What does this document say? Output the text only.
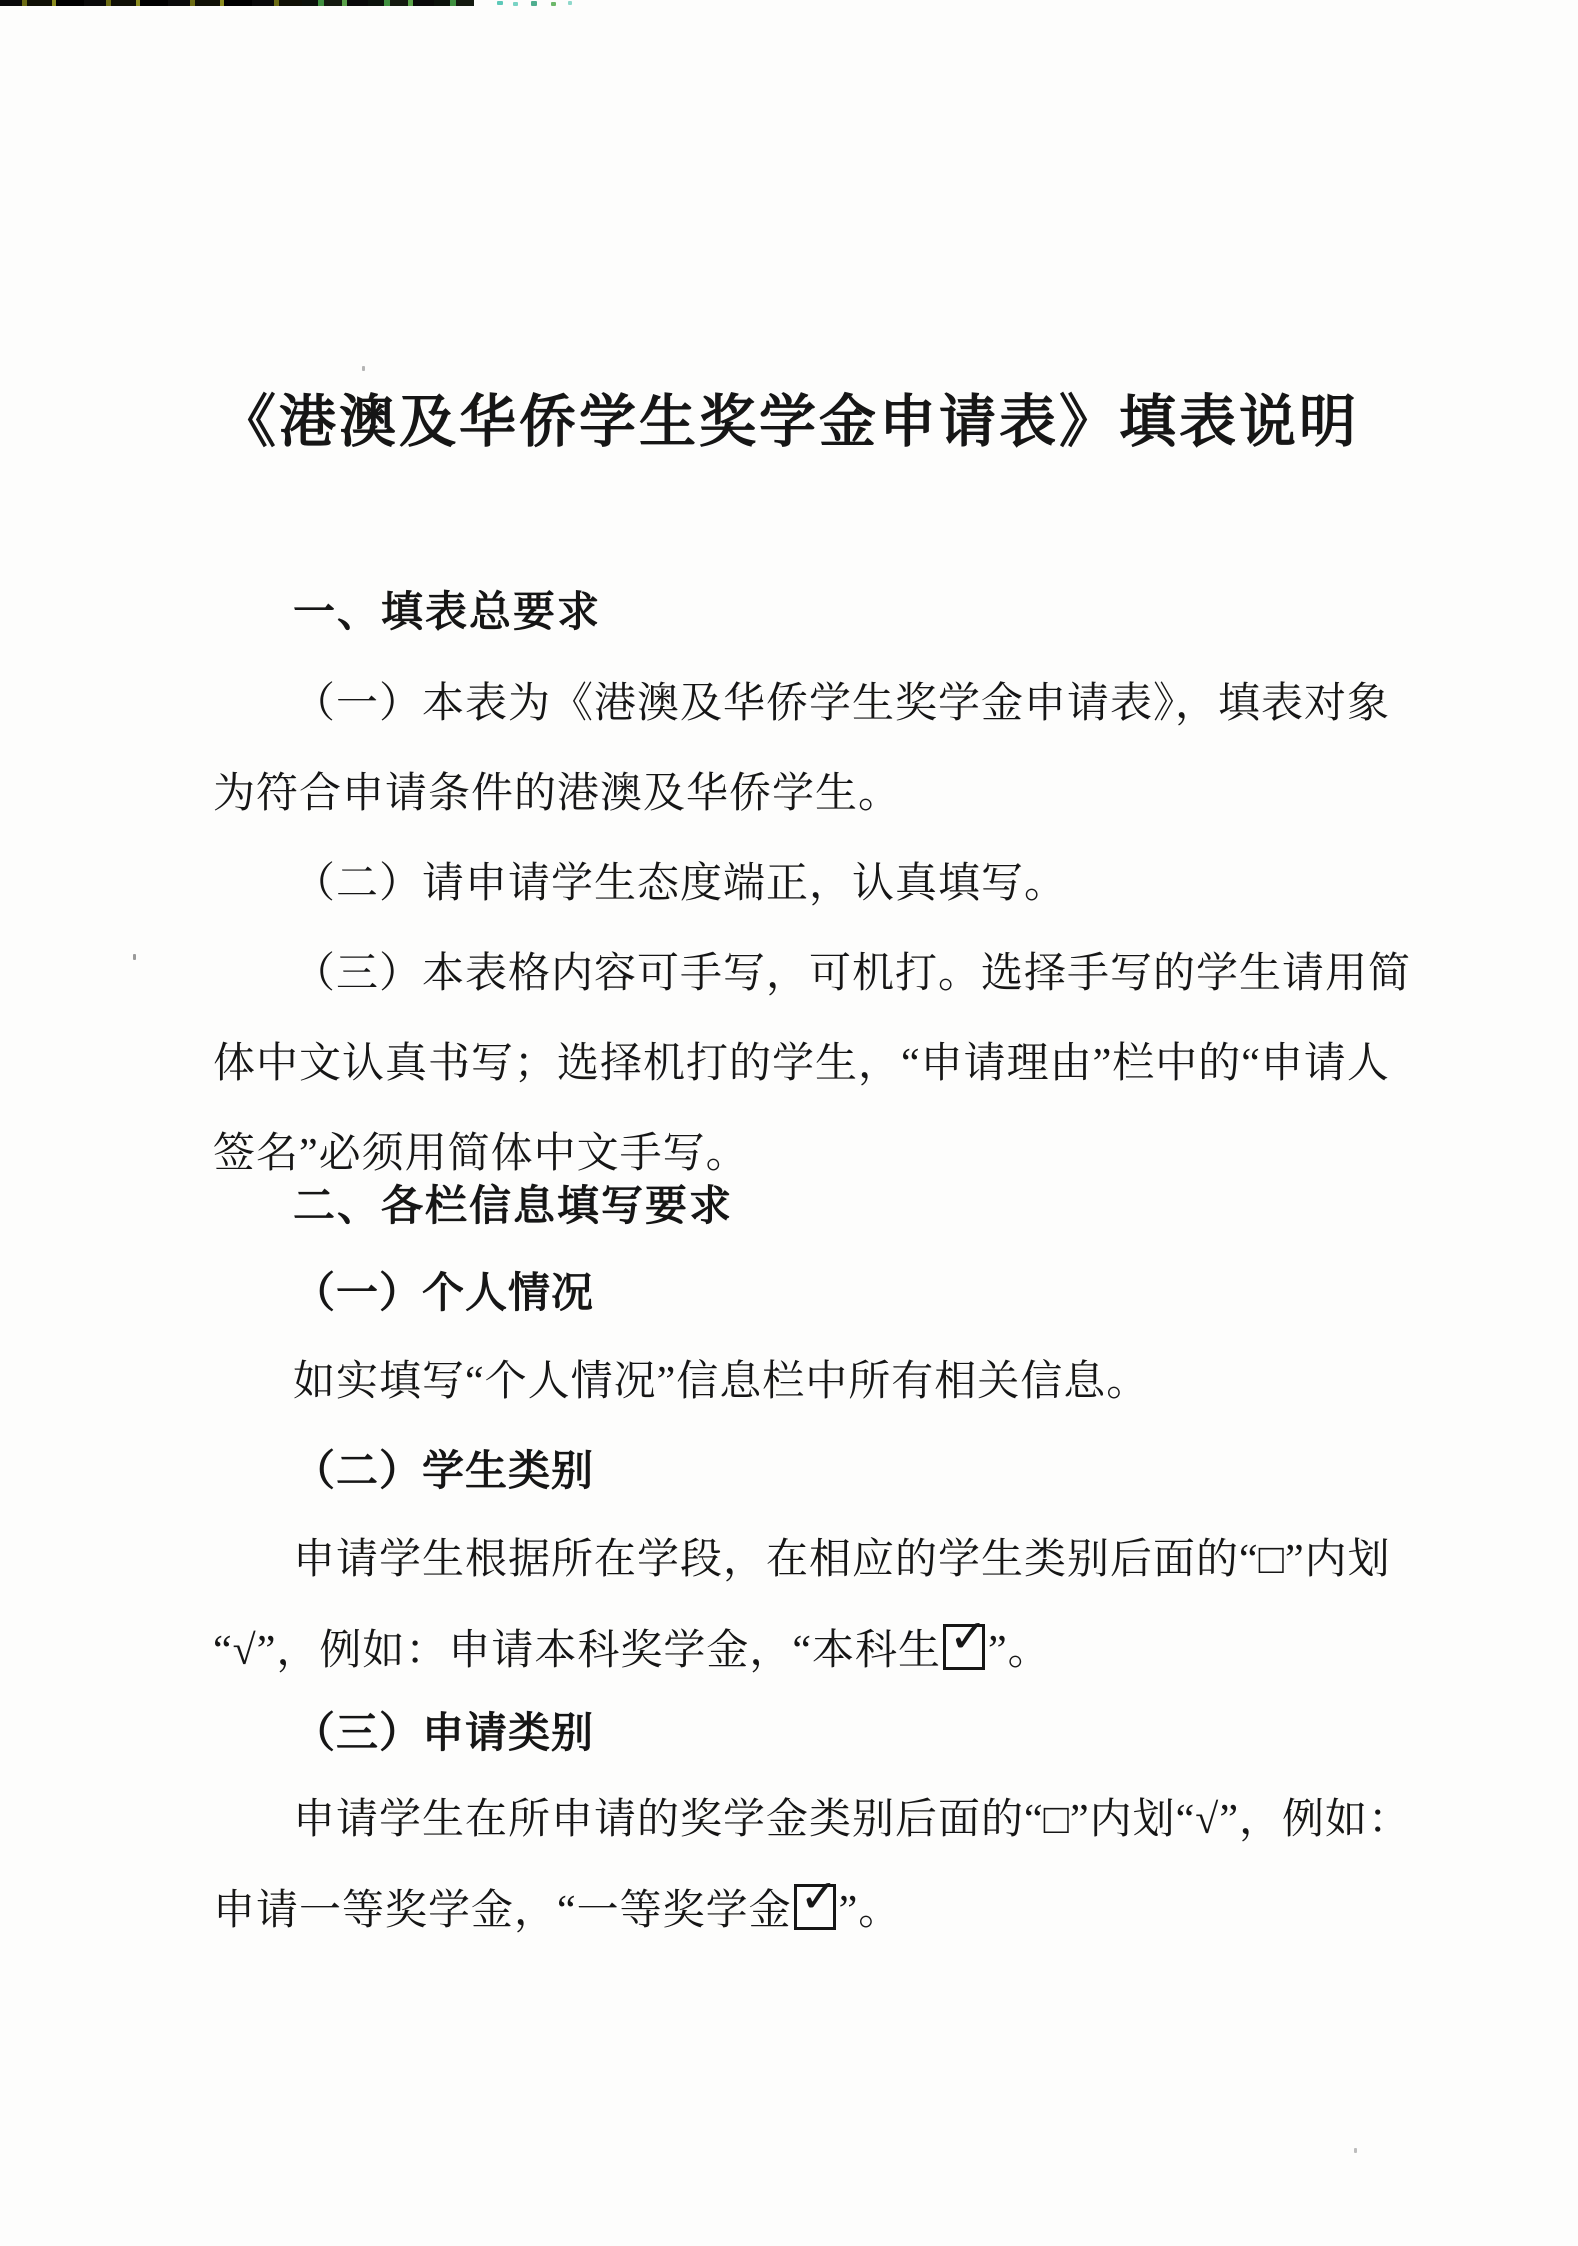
《港澳及华侨学生奖学金申请表》填表说明
一、填表总要求
（一）本表为《港澳及华侨学生奖学金申请表》，填表对象
为符合申请条件的港澳及华侨学生。
（二）请申请学生态度端正，认真填写。
（三）本表格内容可手写，可机打。选择手写的学生请用简
体中文认真书写；选择机打的学生，“申请理由”栏中的“申请人
签名”必须用简体中文手写。
二、各栏信息填写要求
（一）个人情况
如实填写“个人情况”信息栏中所有相关信息。
（二）学生类别
申请学生根据所在学段，在相应的学生类别后面的“□”内划
“√”，例如：申请本科奖学金，“本科生 ✓ ”。
（三）申请类别
申请学生在所申请的奖学金类别后面的“□”内划“√”，例如：
申请一等奖学金，“一等奖学金 ✓ ”。
